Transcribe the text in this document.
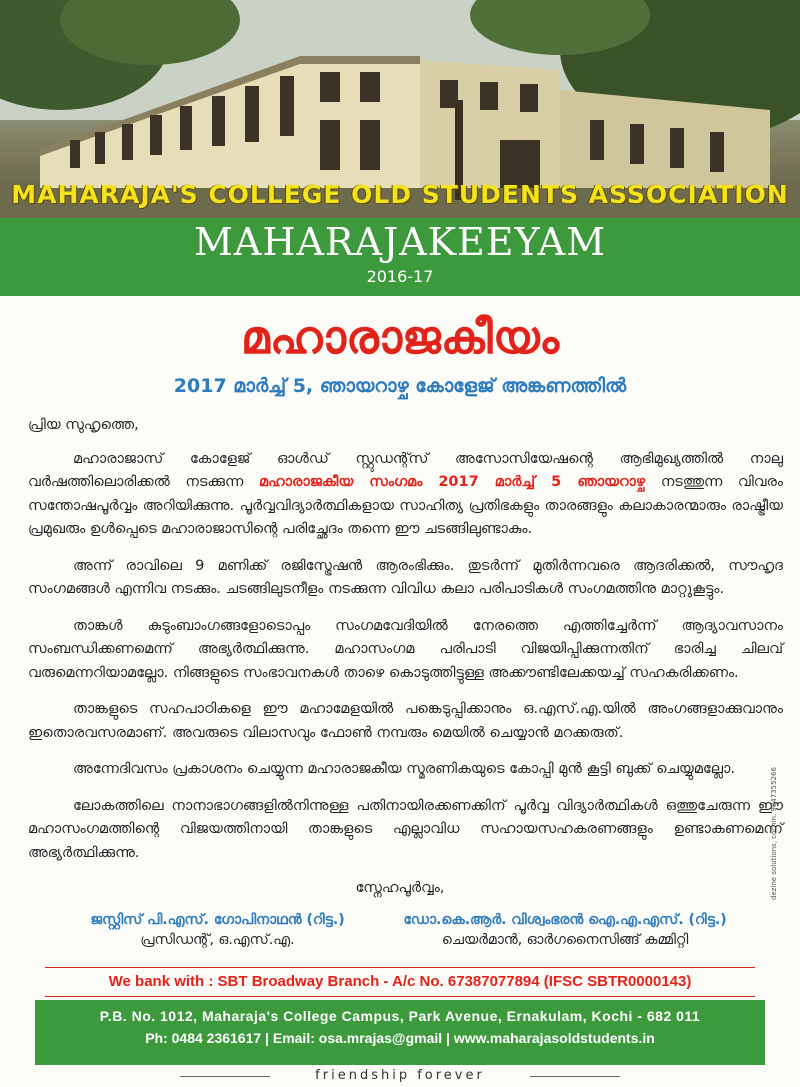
MAHARAJA'S COLLEGE OLD STUDENTS ASSOCIATION
MAHARAJAKEEYAM
2016-17
മഹാരാജകീയം
2017 മാർച്ച് 5, ഞായറാഴ്ച കോളേജ് അങ്കണത്തിൽ

പ്രിയ സുഹൃത്തെ,

മഹാരാജാസ് കോളേജ് ഓൾഡ് സ്റ്റുഡന്റ്സ് അസോസിയേഷന്റെ ആഭിമുഖ്യത്തിൽ നാലു വർഷത്തിലൊരിക്കൽ നടക്കുന്ന മഹാരാജകീയ സംഗമം 2017 മാർച്ച് 5 ഞായറാഴ്ച നടത്തുന്ന വിവരം സന്തോഷപൂർവ്വം അറിയിക്കുന്നു. പൂർവ്വവിദ്യാർത്ഥികളായ സാഹിത്യ പ്രതിഭകളും താരങ്ങളും കലാകാരന്മാരും രാഷ്ട്രീയ പ്രമുഖരും ഉൾപ്പെടെ മഹാരാജാസിന്റെ പരിച്ഛേദം തന്നെ ഈ ചടങ്ങിലുണ്ടാകും.

അന്ന് രാവിലെ 9 മണിക്ക് രജിസ്ട്രേഷൻ ആരംഭിക്കും. തുടർന്ന് മുതിർന്നവരെ ആദരിക്കൽ, സൗഹൃദ സംഗമങ്ങൾ എന്നിവ നടക്കും. ചടങ്ങിലുടനീളം നടക്കുന്ന വിവിധ കലാ പരിപാടികൾ സംഗമത്തിനു മാറ്റുകൂട്ടും.

താങ്കൾ കുടുംബാംഗങ്ങളോടൊപ്പം സംഗമവേദിയിൽ നേരത്തെ എത്തിച്ചേർന്ന് ആദ്യാവസാനം സംബന്ധിക്കണമെന്ന് അഭ്യർത്ഥിക്കുന്നു. മഹാസംഗമ പരിപാടി വിജയിപ്പിക്കുന്നതിന് ഭാരിച്ച ചിലവ് വരുമെന്നറിയാമല്ലോ. നിങ്ങളുടെ സംഭാവനകൾ താഴെ കൊടുത്തിട്ടുള്ള അക്കൗണ്ടിലേക്കയച്ച് സഹകരിക്കണം.

താങ്കളുടെ സഹപാഠികളെ ഈ മഹാമേളയിൽ പങ്കെടുപ്പിക്കാനും ഒ.എസ്.എ.യിൽ അംഗങ്ങളാക്കുവാനും ഇതൊരവസരമാണ്. അവരുടെ വിലാസവും ഫോൺ നമ്പരും മെയിൽ ചെയ്യാൻ മറക്കരുത്.

അന്നേദിവസം പ്രകാശനം ചെയ്യുന്ന മഹാരാജകീയ സ്മരണികയുടെ കോപ്പി മുൻ കൂട്ടി ബുക്ക് ചെയ്യുമല്ലോ.

ലോകത്തിലെ നാനാഭാഗങ്ങളിൽനിന്നുള്ള പതിനായിരക്കണക്കിന് പൂർവ്വ വിദ്യാർത്ഥികൾ ഒത്തുചേരുന്ന ഈ മഹാസംഗമത്തിന്റെ വിജയത്തിനായി താങ്കളുടെ എല്ലാവിധ സഹായസഹകരണങ്ങളും ഉണ്ടാകണമെന്ന് അഭ്യർത്ഥിക്കുന്നു.

സ്നേഹപൂർവ്വം,
ജസ്റ്റിസ് പി.എസ്. ഗോപിനാഥൻ (റിട്ട.)
പ്രസിഡന്റ്, ഒ.എസ്.എ.
ഡോ.കെ.ആർ. വിശ്വംഭരൻ ഐ.എ.എസ്. (റിട്ട.)
ചെയർമാൻ, ഓർഗനൈസിങ്ങ് കമ്മിറ്റി
dezine solutions, cochin. 9847355266
We bank with : SBT Broadway Branch - A/c No. 67387077894 (IFSC SBTR0000143)
P.B. No. 1012, Maharaja's College Campus, Park Avenue, Ernakulam, Kochi - 682 011
Ph: 0484 2361617 | Email: osa.mrajas@gmail | www.maharajasoldstudents.in
friendship forever
